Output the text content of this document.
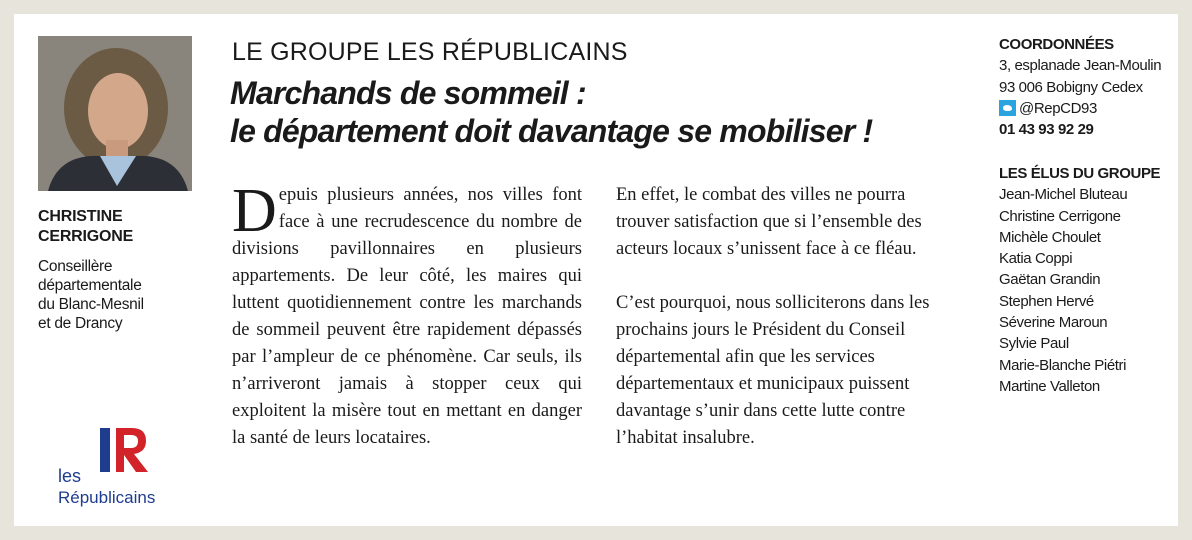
CHRISTINE
CERRIGONE
Conseillère
départementale
du Blanc-Mesnil
et de Drancy
les
Républicains
LE GROUPE LES RÉPUBLICAINS
Marchands de sommeil :
le département doit davantage se mobiliser !

Depuis plusieurs années, nos villes font face à une recrudescence du nombre de divisions pavillonnaires en plusieurs appartements. De leur côté, les maires qui luttent quotidiennement contre les marchands de sommeil peuvent être rapidement dépassés par l’ampleur de ce phénomène. Car seuls, ils n’arriveront jamais à stopper ceux qui exploitent la misère tout en mettant en danger la santé de leurs locataires.

En effet, le combat des villes ne pourra trouver satisfaction que si l’ensemble des acteurs locaux s’unissent face à ce fléau.

C’est pourquoi, nous solliciterons dans les prochains jours le Président du Conseil départemental afin que les services départementaux et municipaux puissent davantage s’unir dans cette lutte contre l’habitat insalubre.

COORDONNÉES
3, esplanade Jean-Moulin
93 006 Bobigny Cedex
@RepCD93
01 43 93 92 29
LES ÉLUS DU GROUPE
Jean-Michel Bluteau
Christine Cerrigone
Michèle Choulet
Katia Coppi
Gaëtan Grandin
Stephen Hervé
Séverine Maroun
Sylvie Paul
Marie-Blanche Piétri
Martine Valleton
